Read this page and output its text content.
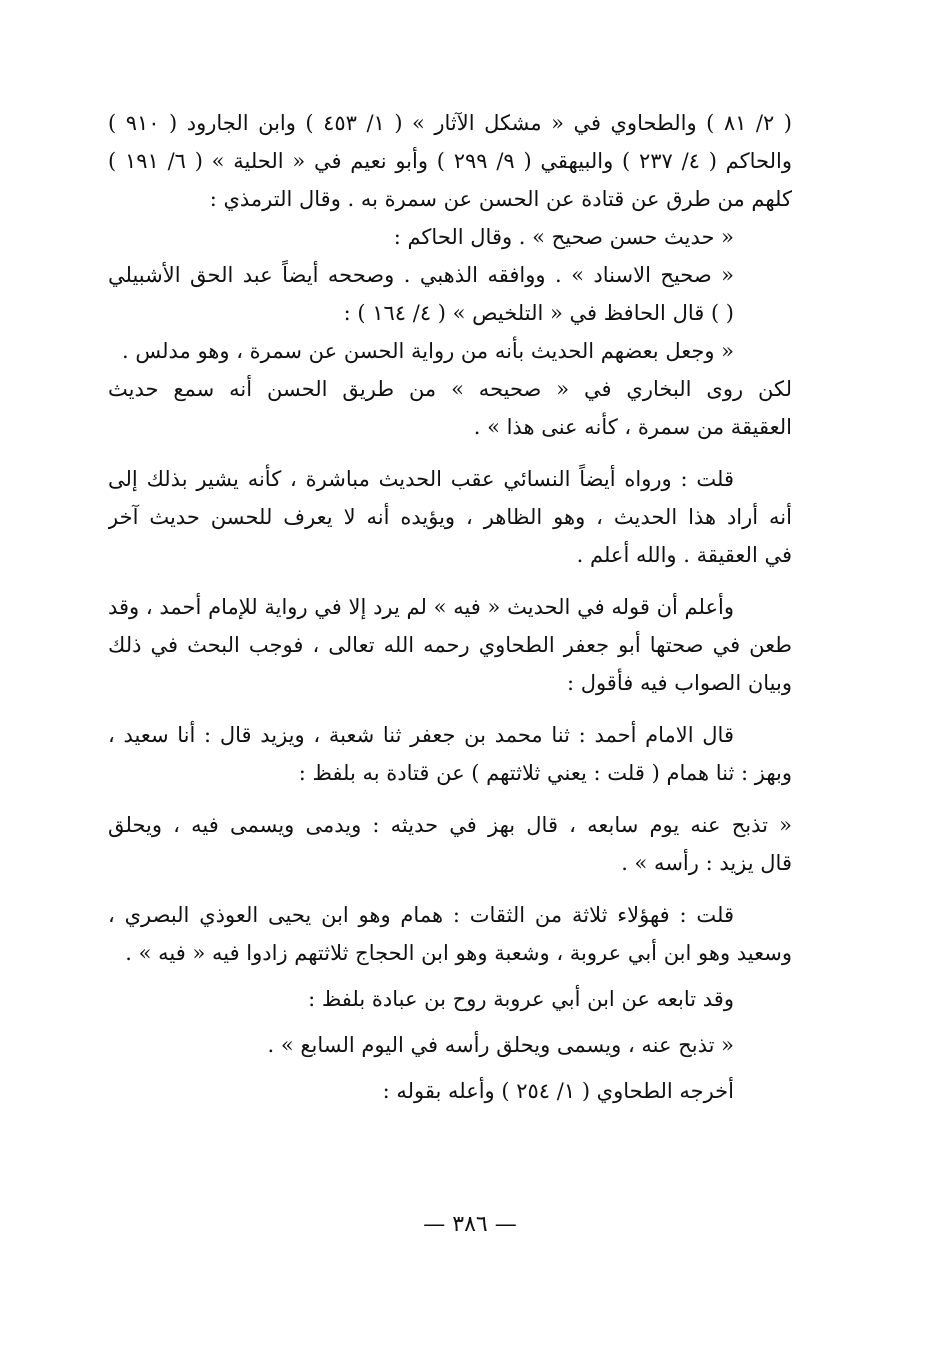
( ٢/ ٨١ ) والطحاوي في « مشكل الآثار » ( ١/ ٤٥٣ ) وابن الجارود ( ٩١٠ )
والحاكم ( ٤/ ٢٣٧ ) والبيهقي ( ٩/ ٢٩٩ ) وأبو نعيم في « الحلية » ( ٦/ ١٩١ )
كلهم من طرق عن قتادة عن الحسن عن سمرة به . وقال الترمذي :
« حديث حسن صحيح » . وقال الحاكم :
« صحيح الاسناد » . ووافقه الذهبي . وصححه أيضاً عبد الحق الأشبيلي
( ) قال الحافظ في « التلخيص » ( ٤/ ١٦٤ ) :
« وجعل بعضهم الحديث بأنه من رواية الحسن عن سمرة ، وهو مدلس .
لكن روى البخاري في « صحيحه » من طريق الحسن أنه سمع حديث
العقيقة من سمرة ، كأنه عنى هذا » .
قلت : ورواه أيضاً النسائي عقب الحديث مباشرة ، كأنه يشير بذلك إلى
أنه أراد هذا الحديث ، وهو الظاهر ، ويؤيده أنه لا يعرف للحسن حديث آخر
في العقيقة . والله أعلم .
وأعلم أن قوله في الحديث « فيه » لم يرد إلا في رواية للإمام أحمد ، وقد
طعن في صحتها أبو جعفر الطحاوي رحمه الله تعالى ، فوجب البحث في ذلك
وبيان الصواب فيه فأقول :
قال الامام أحمد : ثنا محمد بن جعفر ثنا شعبة ، ويزيد قال : أنا سعيد ،
وبهز : ثنا همام ( قلت : يعني ثلاثتهم ) عن قتادة به بلفظ :
« تذبح عنه يوم سابعه ، قال بهز في حديثه : ويدمى ويسمى فيه ، ويحلق
قال يزيد : رأسه » .
قلت : فهؤلاء ثلاثة من الثقات : همام وهو ابن يحيى العوذي البصري ،
وسعيد وهو ابن أبي عروبة ، وشعبة وهو ابن الحجاج ثلاثتهم زادوا فيه « فيه » .
وقد تابعه عن ابن أبي عروبة روح بن عبادة بلفظ :
« تذبح عنه ، ويسمى ويحلق رأسه في اليوم السابع » .
أخرجه الطحاوي ( ١/ ٢٥٤ ) وأعله بقوله :
— ٣٨٦ —
